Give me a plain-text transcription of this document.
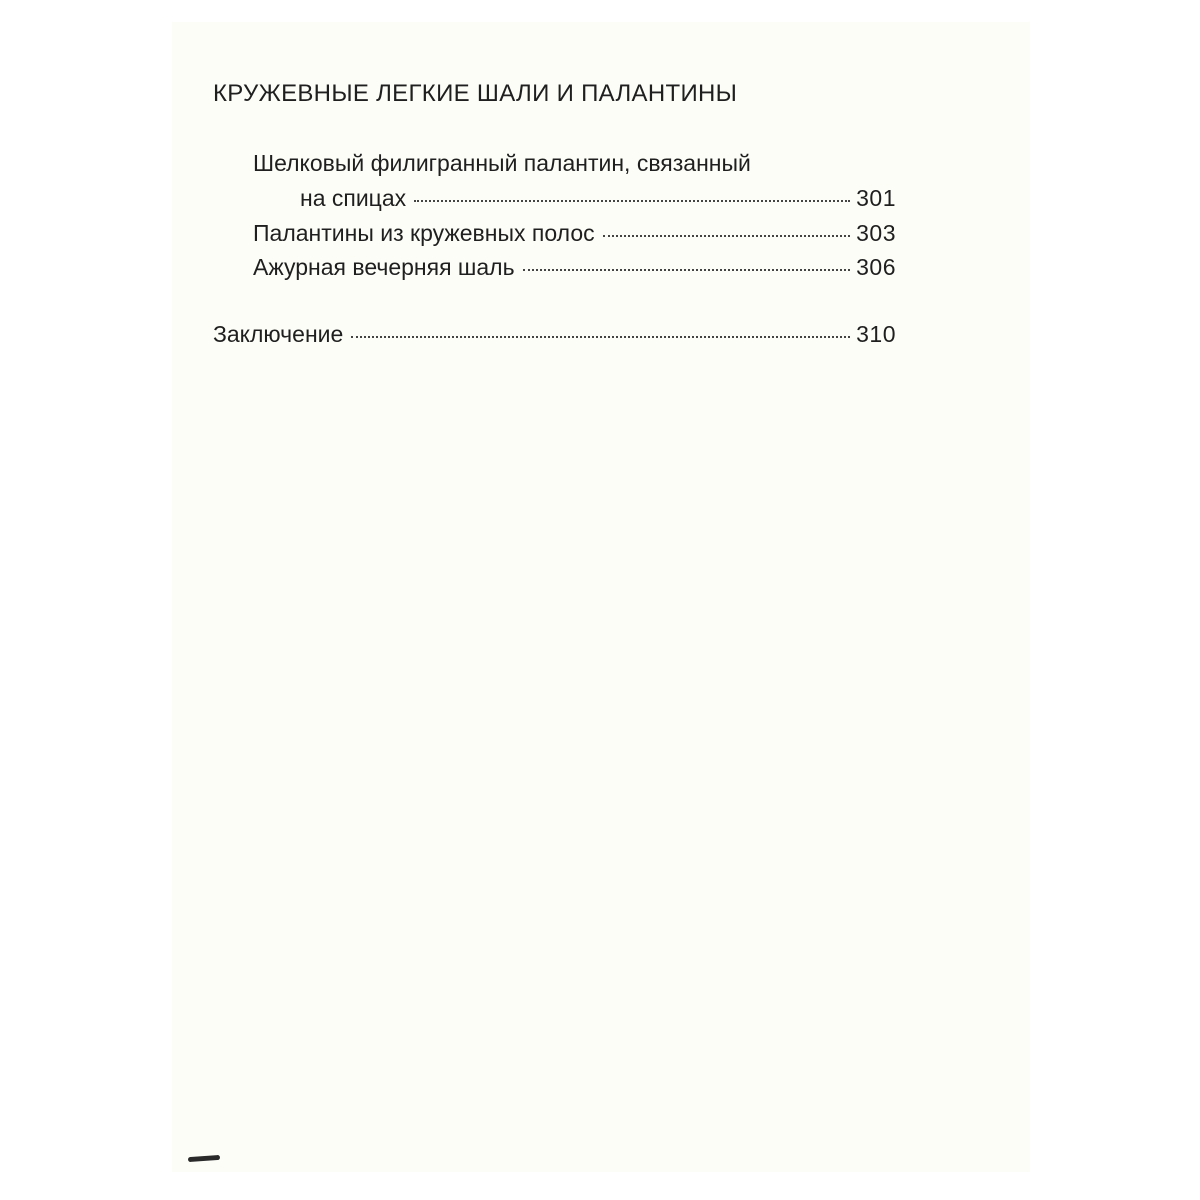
КРУЖЕВНЫЕ ЛЕГКИЕ ШАЛИ И ПАЛАНТИНЫ
Шелковый филигранный палантин, связанный
на спицах	301
Палантины из кружевных полос	303
Ажурная вечерняя шаль	306
Заключение	310
